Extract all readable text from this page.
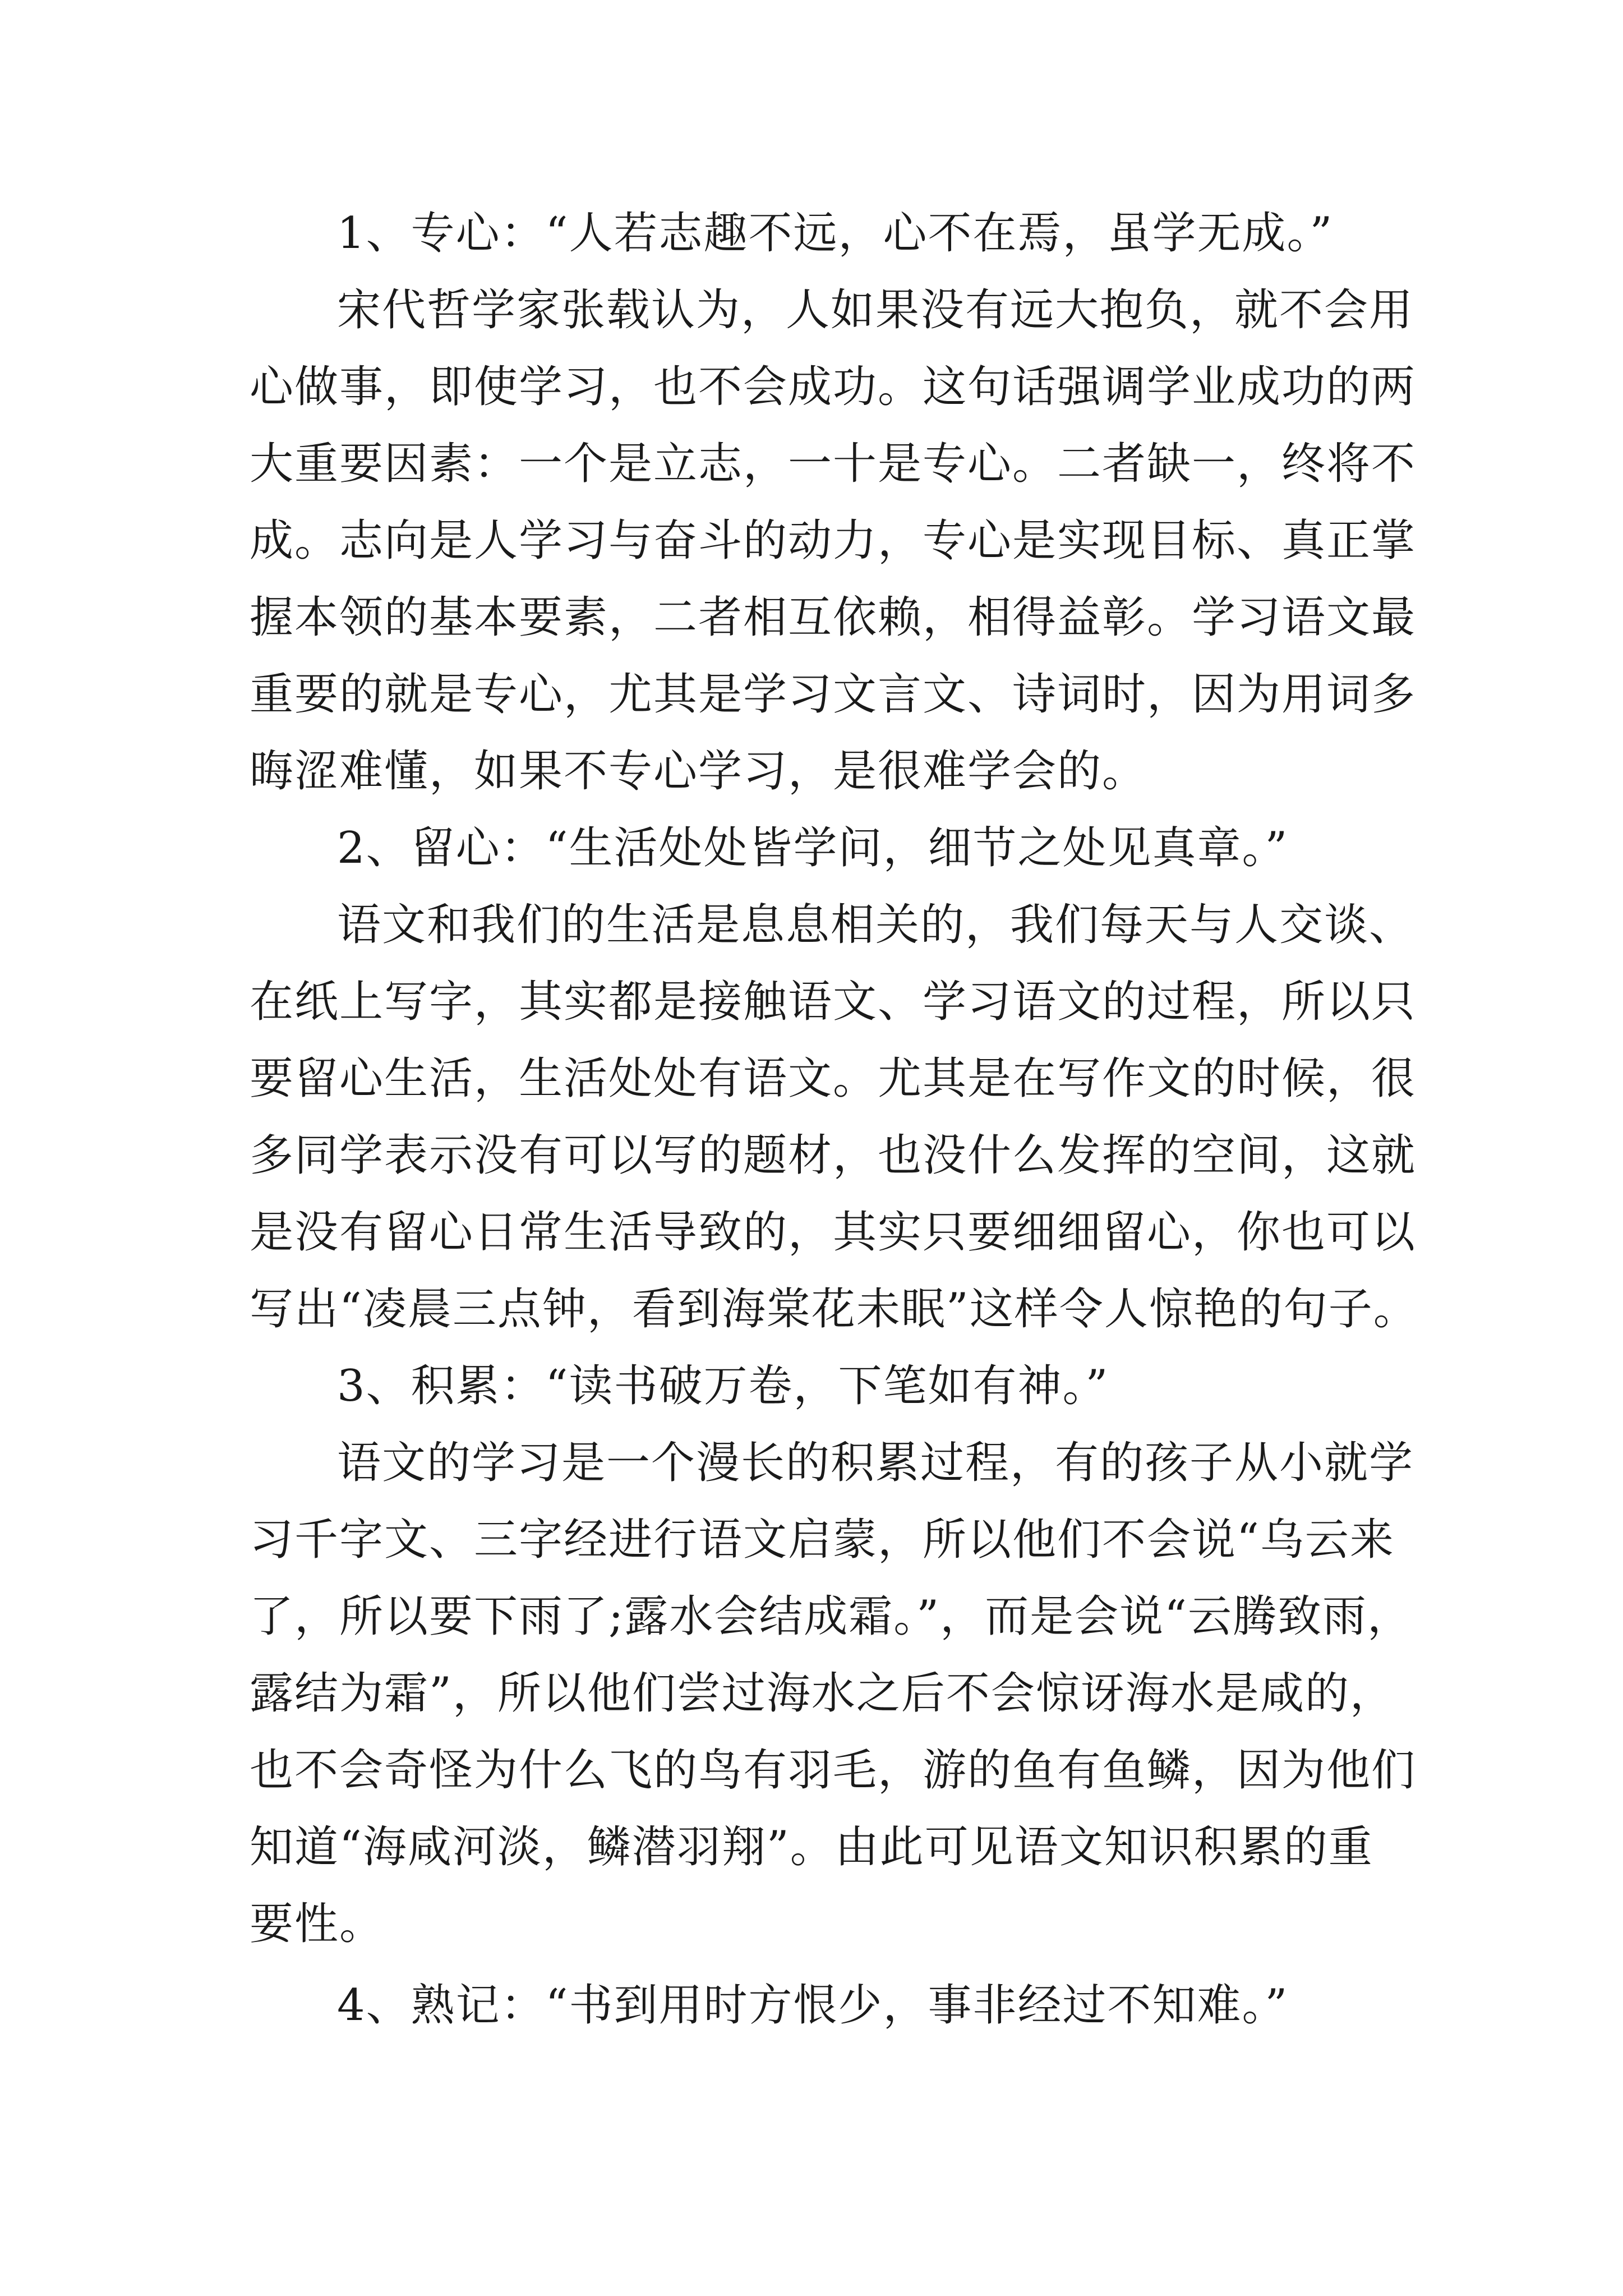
1、专心：“人若志趣不远，心不在焉，虽学无成。”
宋代哲学家张载认为，人如果没有远大抱负，就不会用
心做事，即使学习，也不会成功。这句话强调学业成功的两
大重要因素：一个是立志，一十是专心。二者缺一，终将不
成。志向是人学习与奋斗的动力，专心是实现目标、真正掌
握本领的基本要素，二者相互依赖，相得益彰。学习语文最
重要的就是专心，尤其是学习文言文、诗词时，因为用词多
晦涩难懂，如果不专心学习，是很难学会的。
2、留心：“生活处处皆学问，细节之处见真章。”
语文和我们的生活是息息相关的，我们每天与人交谈、
在纸上写字，其实都是接触语文、学习语文的过程，所以只
要留心生活，生活处处有语文。尤其是在写作文的时候，很
多同学表示没有可以写的题材，也没什么发挥的空间，这就
是没有留心日常生活导致的，其实只要细细留心，你也可以
写出“凌晨三点钟，看到海棠花未眠”这样令人惊艳的句子。
3、积累：“读书破万卷，下笔如有神。”
语文的学习是一个漫长的积累过程，有的孩子从小就学
习千字文、三字经进行语文启蒙，所以他们不会说“乌云来
了，所以要下雨了;露水会结成霜。”，而是会说“云腾致雨，
露结为霜”，所以他们尝过海水之后不会惊讶海水是咸的，
也不会奇怪为什么飞的鸟有羽毛，游的鱼有鱼鳞，因为他们
知道“海咸河淡，鳞潜羽翔”。由此可见语文知识积累的重
要性。
4、熟记：“书到用时方恨少，事非经过不知难。”
